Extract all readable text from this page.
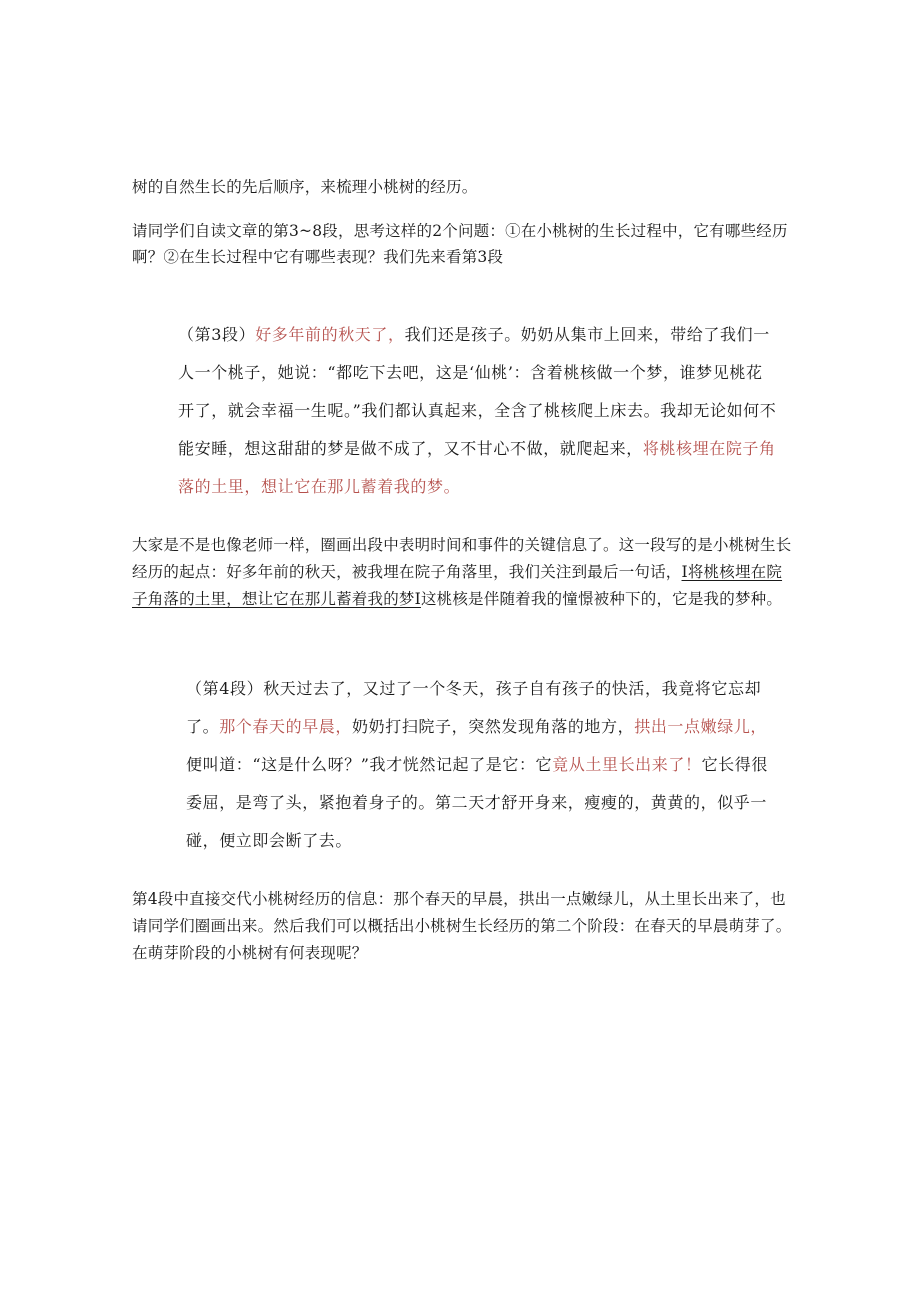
树的自然生长的先后顺序，来梳理小桃树的经历。
请同学们自读文章的第3~8段，思考这样的2个问题：①在小桃树的生长过程中，它有哪些经历啊？②在生长过程中它有哪些表现？我们先来看第3段
（第3段）好多年前的秋天了，我们还是孩子。奶奶从集市上回来，带给了我们一人一个桃子，她说：“都吃下去吧，这是‘仙桃’：含着桃核做一个梦，谁梦见桃花开了，就会幸福一生呢。”我们都认真起来，全含了桃核爬上床去。我却无论如何不能安睡，想这甜甜的梦是做不成了，又不甘心不做，就爬起来，将桃核埋在院子角落的土里，想让它在那儿蓄着我的梦。
大家是不是也像老师一样，圈画出段中表明时间和事件的关键信息了。这一段写的是小桃树生长经历的起点：好多年前的秋天，被我埋在院子角落里，我们关注到最后一句话，I将桃核埋在院子角落的土里，想让它在那儿蓄着我的梦I这桃核是伴随着我的憧憬被种下的，它是我的梦种。
（第4段）秋天过去了，又过了一个冬天，孩子自有孩子的快活，我竟将它忘却了。那个春天的早晨，奶奶打扫院子，突然发现角落的地方，拱出一点嫩绿儿，便叫道：“这是什么呀？”我才恍然记起了是它：它竟从土里长出来了！它长得很委屈，是弯了头，紧抱着身子的。第二天才舒开身来，瘦瘦的，黄黄的，似乎一碰，便立即会断了去。
第4段中直接交代小桃树经历的信息：那个春天的早晨，拱出一点嫩绿儿，从土里长出来了，也请同学们圈画出来。然后我们可以概括出小桃树生长经历的第二个阶段：在春天的早晨萌芽了。在萌芽阶段的小桃树有何表现呢？
